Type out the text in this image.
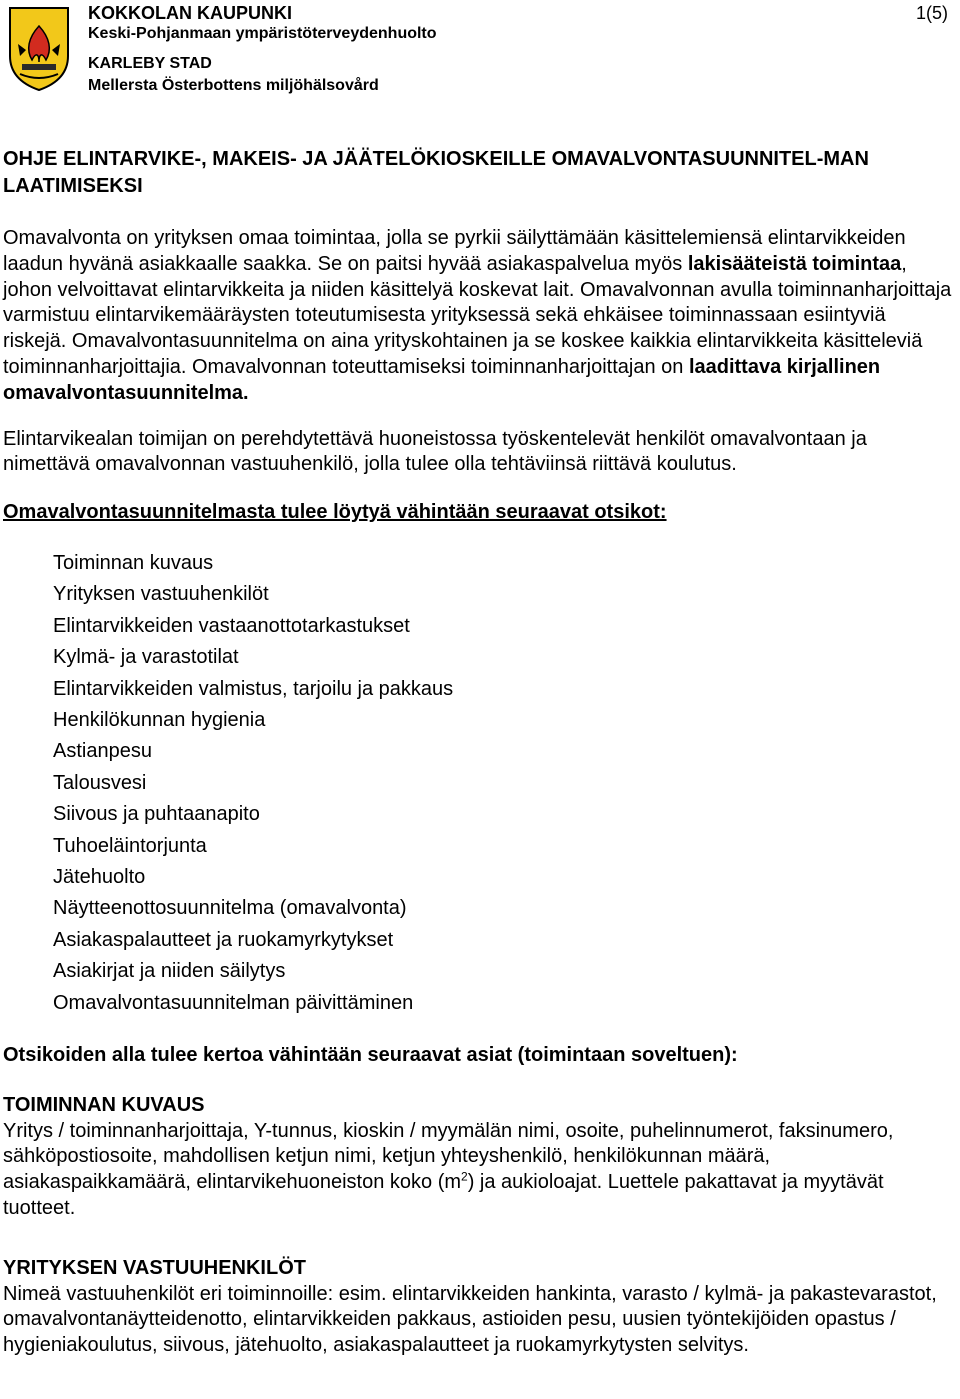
KOKKOLAN KAUPUNKI
Keski-Pohjanmaan ympäristöterveydenhuolto
KARLEBY STAD
Mellersta Österbottens miljöhälsovård
1(5)
OHJE ELINTARVIKE-, MAKEIS- JA JÄÄTELÖKIOSKEILLE OMAVALVONTASUUNNITEL-MAN LAATIMISEKSI

Omavalvonta on yrityksen omaa toimintaa, jolla se pyrkii säilyttämään käsittelemiensä elintarvikkeiden laadun hyvänä asiakkaalle saakka. Se on paitsi hyvää asiakaspalvelua myös lakisääteistä toimintaa, johon velvoittavat elintarvikkeita ja niiden käsittelyä koskevat lait. Omavalvonnan avulla toiminnanharjoittaja varmistuu elintarvikemääräysten toteutumisesta yrityksessä sekä ehkäisee toiminnassaan esiintyviä riskejä. Omavalvontasuunnitelma on aina yrityskohtainen ja se koskee kaikkia elintarvikkeita käsitteleviä toiminnanharjoittajia. Omavalvonnan toteuttamiseksi toiminnanharjoittajan on laadittava kirjallinen omavalvontasuunnitelma.

Elintarvikealan toimijan on perehdytettävä huoneistossa työskentelevät henkilöt omavalvontaan ja nimettävä omavalvonnan vastuuhenkilö, jolla tulee olla tehtäviinsä riittävä koulutus.

Omavalvontasuunnitelmasta tulee löytyä vähintään seuraavat otsikot:

Toiminnan kuvaus
Yrityksen vastuuhenkilöt
Elintarvikkeiden vastaanottotarkastukset
Kylmä- ja varastotilat
Elintarvikkeiden valmistus, tarjoilu ja pakkaus
Henkilökunnan hygienia
Astianpesu
Talousvesi
Siivous ja puhtaanapito
Tuhoeläintorjunta
Jätehuolto
Näytteenottosuunnitelma (omavalvonta)
Asiakaspalautteet ja ruokamyrkytykset
Asiakirjat ja niiden säilytys
Omavalvontasuunnitelman päivittäminen

Otsikoiden alla tulee kertoa vähintään seuraavat asiat (toimintaan soveltuen):

TOIMINNAN KUVAUS

Yritys / toiminnanharjoittaja, Y-tunnus, kioskin / myymälän nimi, osoite, puhelinnumerot, faksinumero, sähköpostiosoite, mahdollisen ketjun nimi, ketjun yhteyshenkilö, henkilökunnan määrä, asiakaspaikkamäärä, elintarvikehuoneiston koko $(m^2)$ ja aukioloajat. Luettele pakattavat ja myytävät tuotteet.

YRITYKSEN VASTUUHENKILÖT

Nimeä vastuuhenkilöt eri toiminnoille: esim. elintarvikkeiden hankinta, varasto / kylmä- ja pakastevarastot, omavalvontanäytteidenotto, elintarvikkeiden pakkaus, astioiden pesu, uusien työntekijöiden opastus / hygieniakoulutus, siivous, jätehuolto, asiakaspalautteet ja ruokamyrkytysten selvitys.
